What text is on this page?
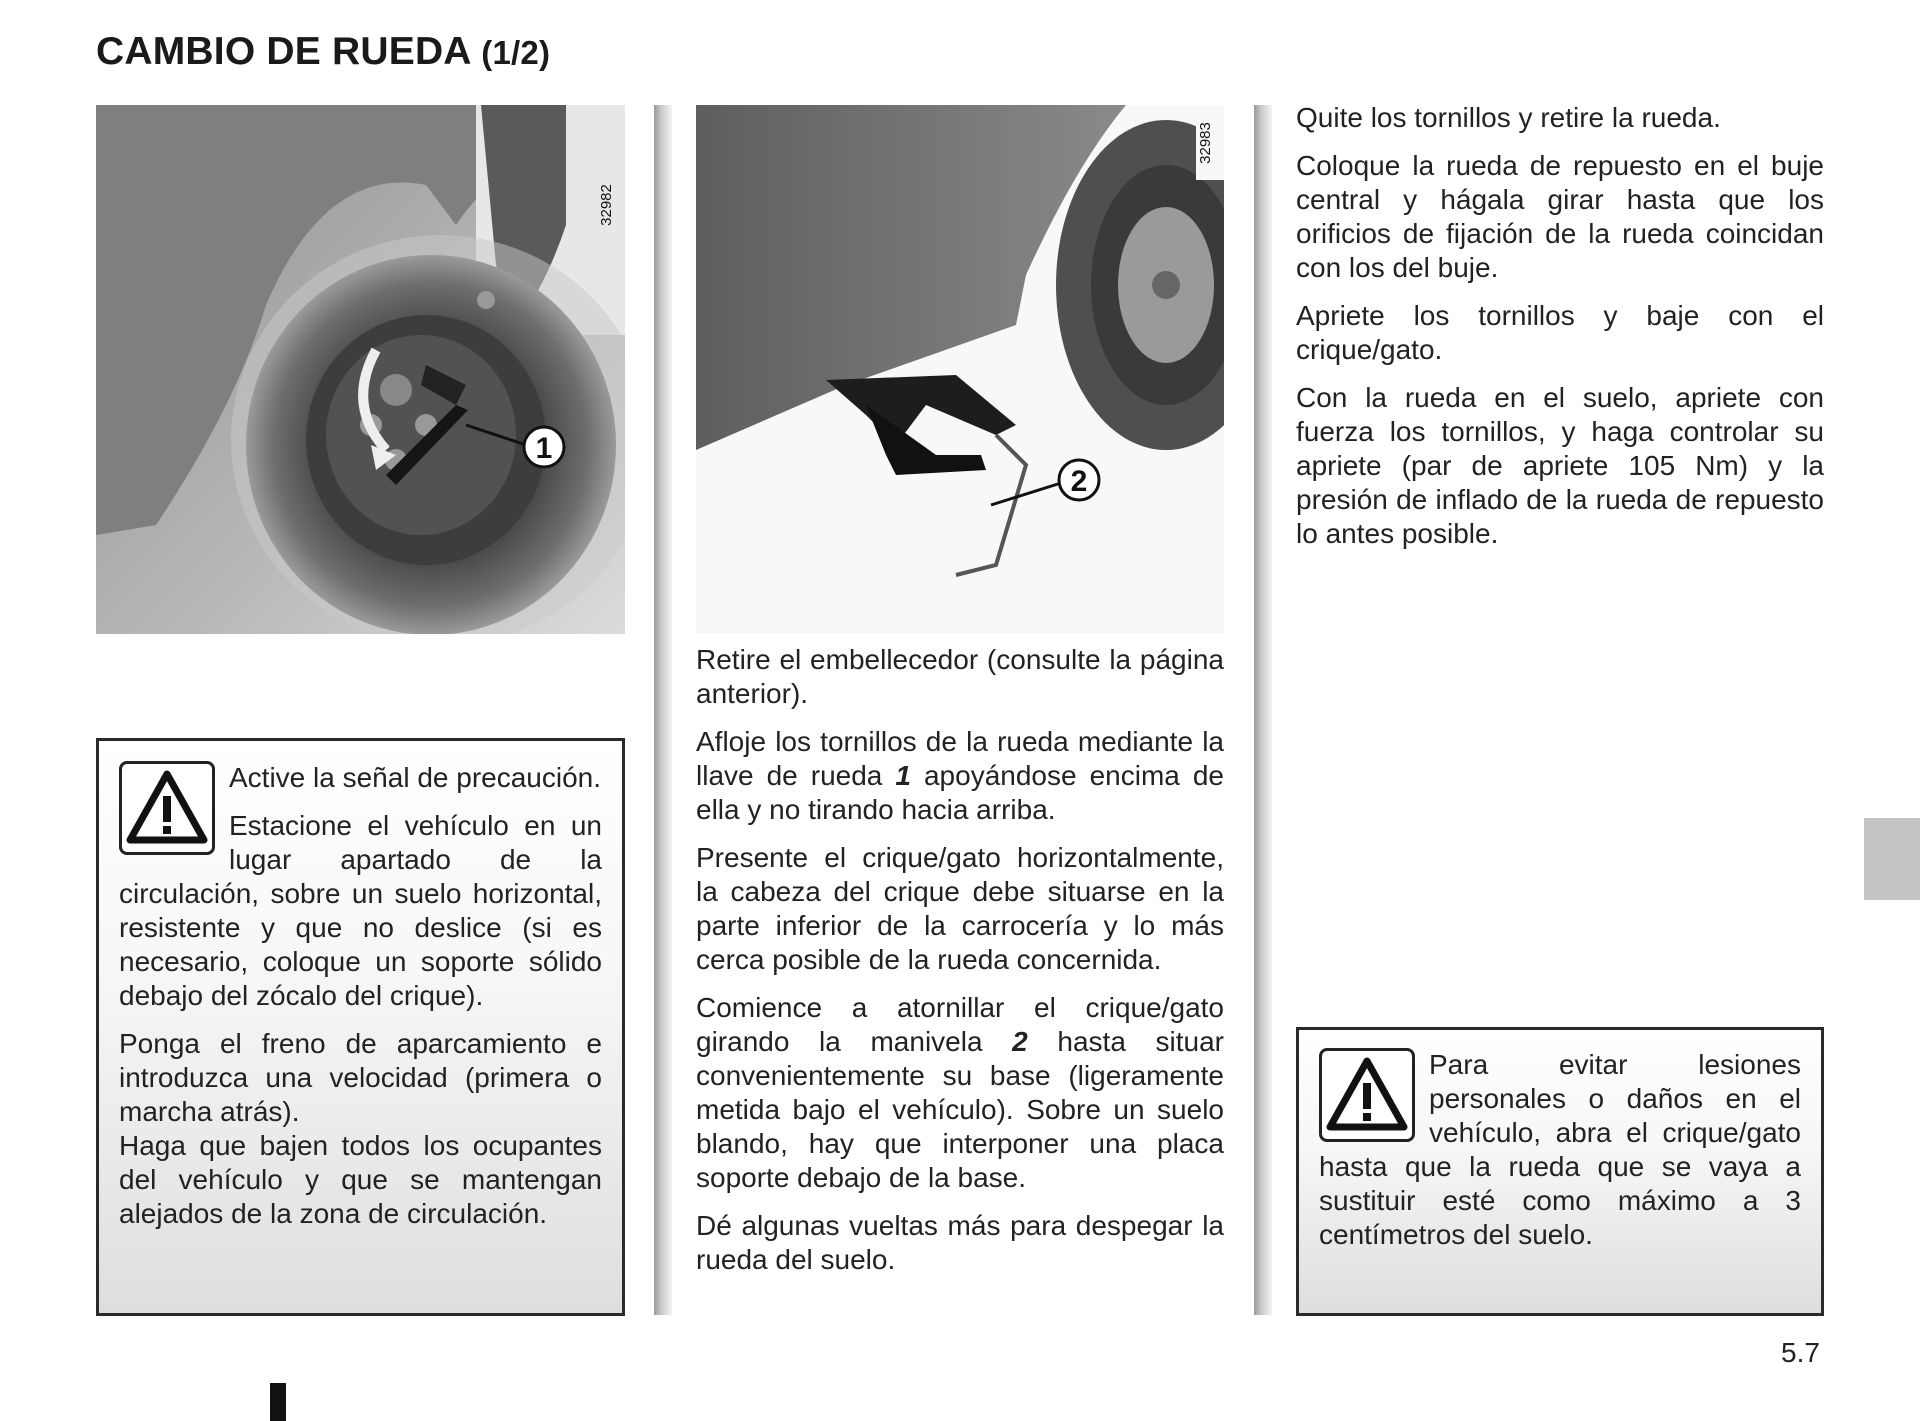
CAMBIO DE RUEDA (1/2)
1
32982
2
32983

Active la señal de precaución.

Estacione el vehículo en un lugar apartado de la circulación, sobre un suelo horizontal, resistente y que no deslice (si es necesario, coloque un soporte sólido debajo del zócalo del crique).

Ponga el freno de aparcamiento e introduzca una velocidad (primera o marcha atrás).

Haga que bajen todos los ocupantes del vehículo y que se mantengan alejados de la zona de circulación.

Retire el embellecedor (consulte la página anterior).

Afloje los tornillos de la rueda mediante la llave de rueda 1 apoyándose encima de ella y no tirando hacia arriba.

Presente el crique/gato horizontalmente, la cabeza del crique debe situarse en la parte inferior de la carrocería y lo más cerca posible de la rueda concernida.

Comience a atornillar el crique/gato girando la manivela 2 hasta situar convenientemente su base (ligeramente metida bajo el vehículo). Sobre un suelo blando, hay que interponer una placa soporte debajo de la base.

Dé algunas vueltas más para despegar la rueda del suelo.

Quite los tornillos y retire la rueda.

Coloque la rueda de repuesto en el buje central y hágala girar hasta que los orificios de fijación de la rueda coincidan con los del buje.

Apriete los tornillos y baje con el crique/gato.

Con la rueda en el suelo, apriete con fuerza los tornillos, y haga controlar su apriete (par de apriete 105 Nm) y la presión de inflado de la rueda de repuesto lo antes posible.

Para evitar lesiones personales o daños en el vehículo, abra el crique/gato hasta que la rueda que se vaya a sustituir esté como máximo a 3 centímetros del suelo.

5.7
